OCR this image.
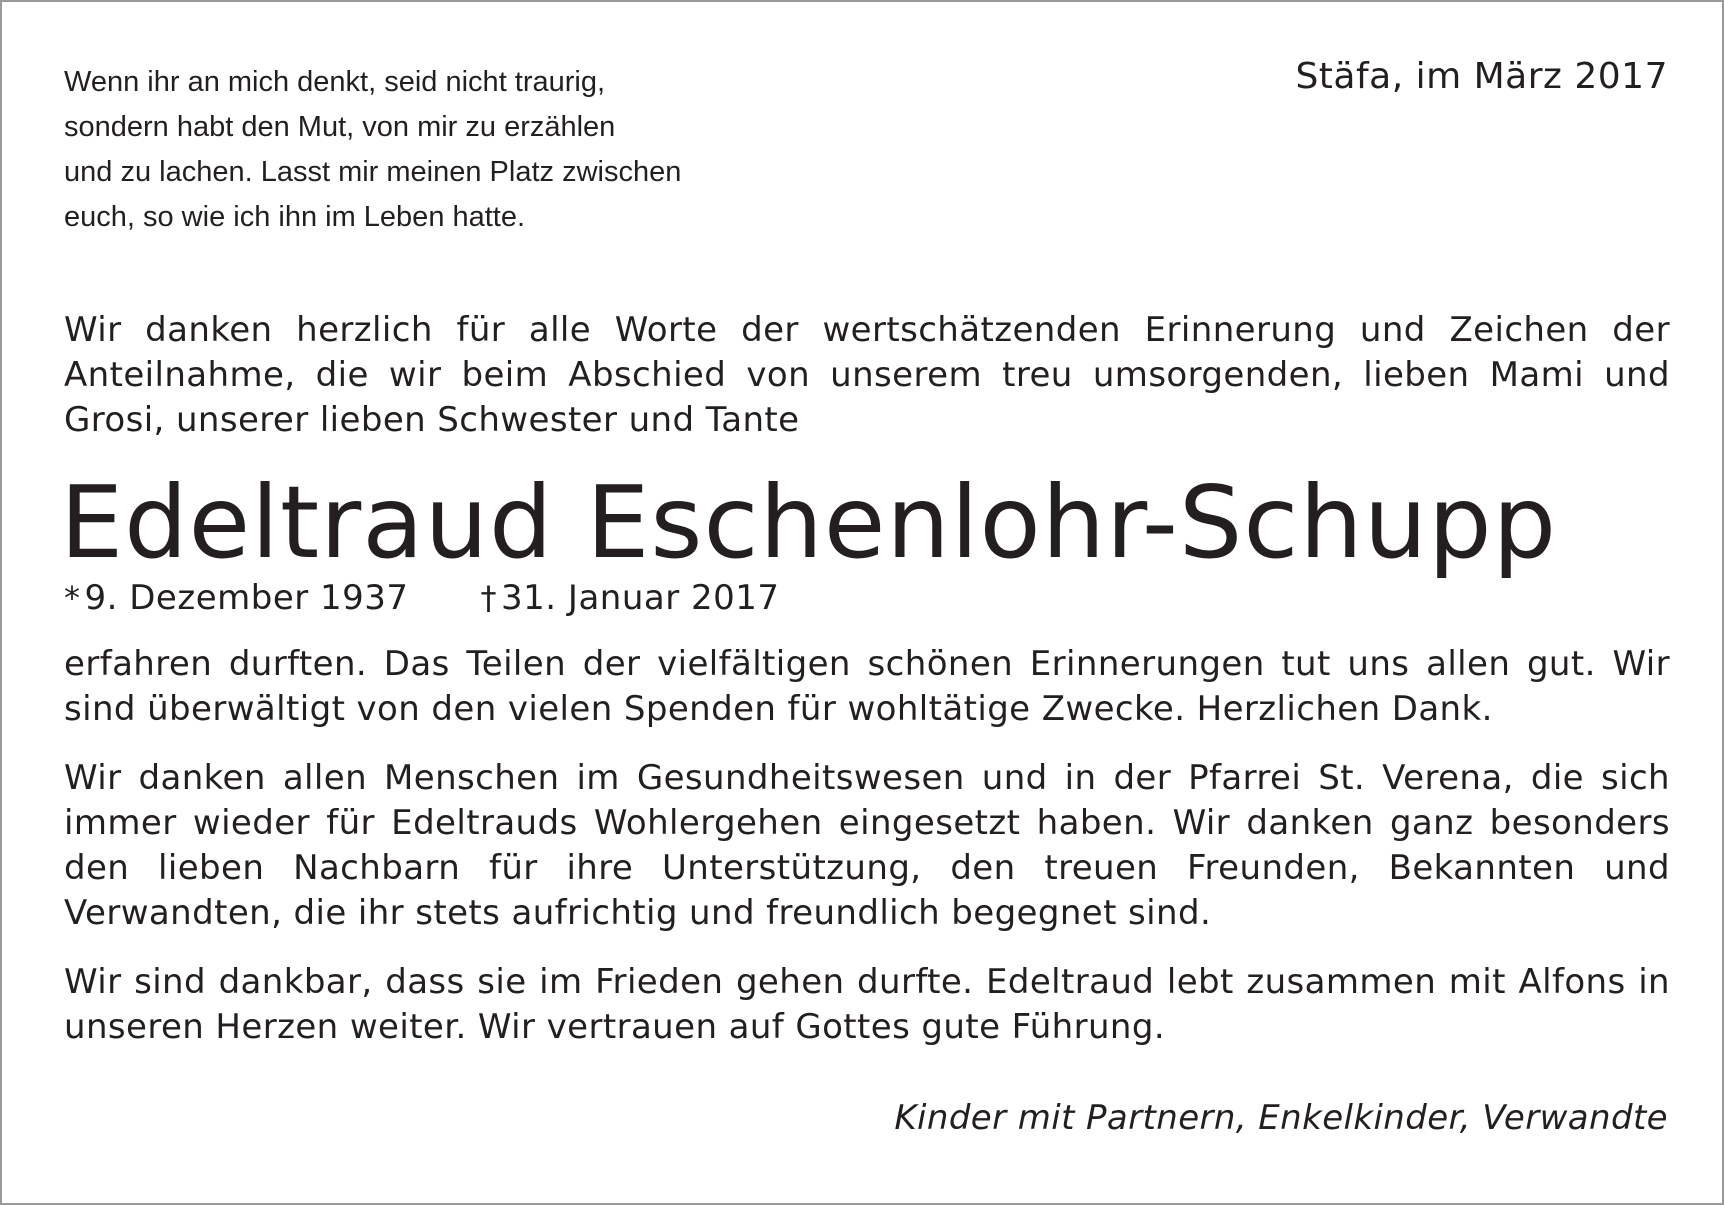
Wenn ihr an mich denkt, seid nicht traurig,
sondern habt den Mut, von mir zu erzählen
und zu lachen. Lasst mir meinen Platz zwischen
euch, so wie ich ihn im Leben hatte.
Stäfa, im März 2017

Wir danken herzlich für alle Worte der wertschätzenden Erinnerung und Zeichen der Anteilnahme, die wir beim Abschied von unserem treu umsorgenden, lieben Mami und Grosi, unserer lieben Schwester und Tante

Edeltraud Eschenlohr-Schupp
* 9. Dezember 1937 † 31. Januar 2017

erfahren durften. Das Teilen der vielfältigen schönen Erinnerungen tut uns allen gut. Wir sind überwältigt von den vielen Spenden für wohltätige Zwecke. Herzlichen Dank.

Wir danken allen Menschen im Gesundheitswesen und in der Pfarrei St. Verena, die sich immer wieder für Edeltrauds Wohlergehen eingesetzt haben. Wir danken ganz besonders den lieben Nachbarn für ihre Unterstützung, den treuen Freunden, Bekannten und Verwandten, die ihr stets aufrichtig und freundlich begegnet sind.

Wir sind dankbar, dass sie im Frieden gehen durfte. Edeltraud lebt zusammen mit Alfons in unseren Herzen weiter. Wir vertrauen auf Gottes gute Führung.

Kinder mit Partnern, Enkelkinder, Verwandte
